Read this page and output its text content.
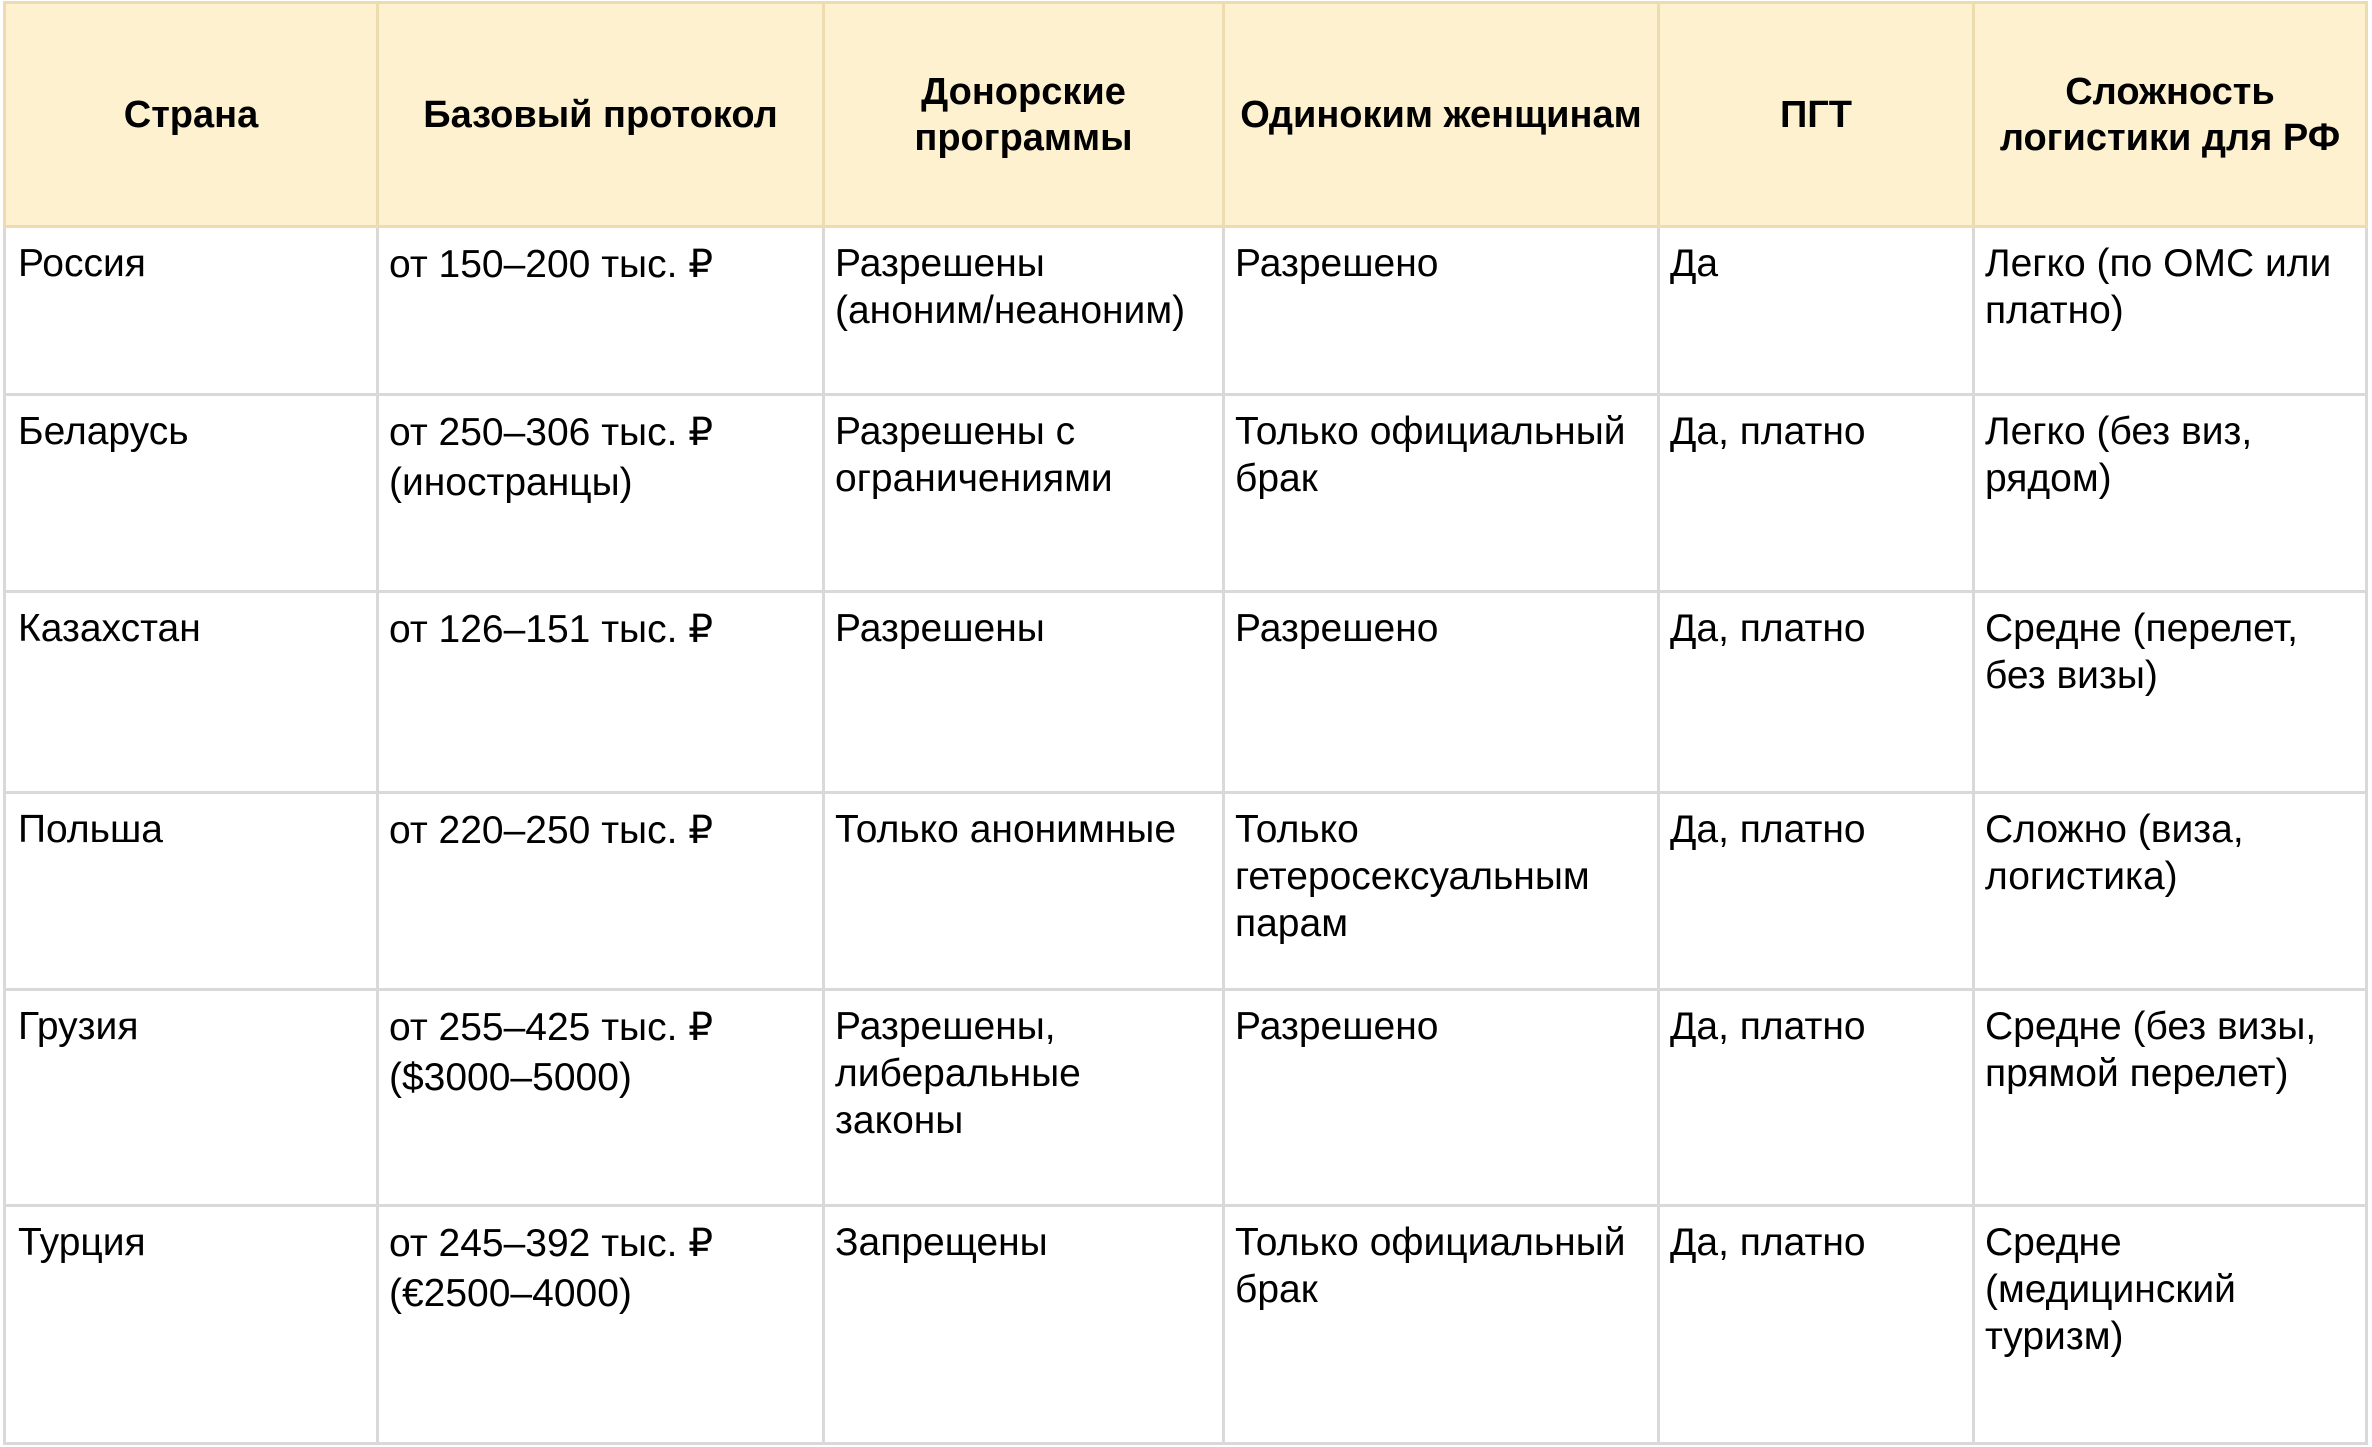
Страна	Базовый протокол	Донорские программы	Одиноким женщинам	ПГТ	Сложность логистики для РФ
Россия	от 150–200 тыс. ₽	Разрешены (аноним/неаноним)	Разрешено	Да	Легко (по ОМС или платно)
Беларусь	от 250–306 тыс. ₽ (иностранцы)	Разрешены с ограничениями	Только официальный брак	Да, платно	Легко (без виз, рядом)
Казахстан	от 126–151 тыс. ₽	Разрешены	Разрешено	Да, платно	Средне (перелет, без визы)
Польша	от 220–250 тыс. ₽	Только анонимные	Только гетеросексуальным парам	Да, платно	Сложно (виза, логистика)
Грузия	от 255–425 тыс. ₽ ($3000–5000)	Разрешены, либеральные законы	Разрешено	Да, платно	Средне (без визы, прямой перелет)
Турция	от 245–392 тыс. ₽ (€2500–4000)	Запрещены	Только официальный брак	Да, платно	Средне (медицинский туризм)
